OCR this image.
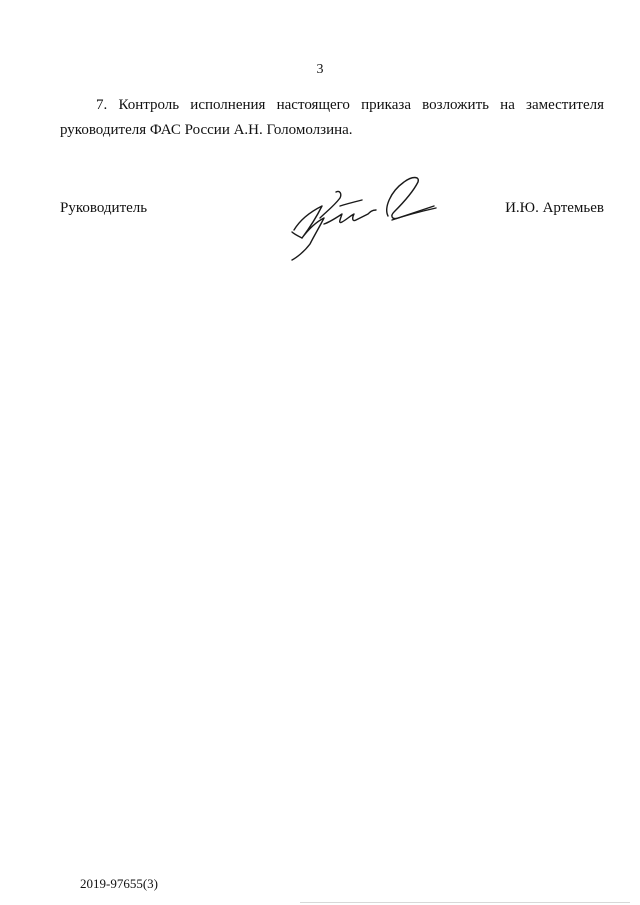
3

7. Контроль исполнения настоящего приказа возложить на заместителя руководителя ФАС России А.Н. Голомолзина.

Руководитель	И.Ю. Артемьев
2019-97655(3)
